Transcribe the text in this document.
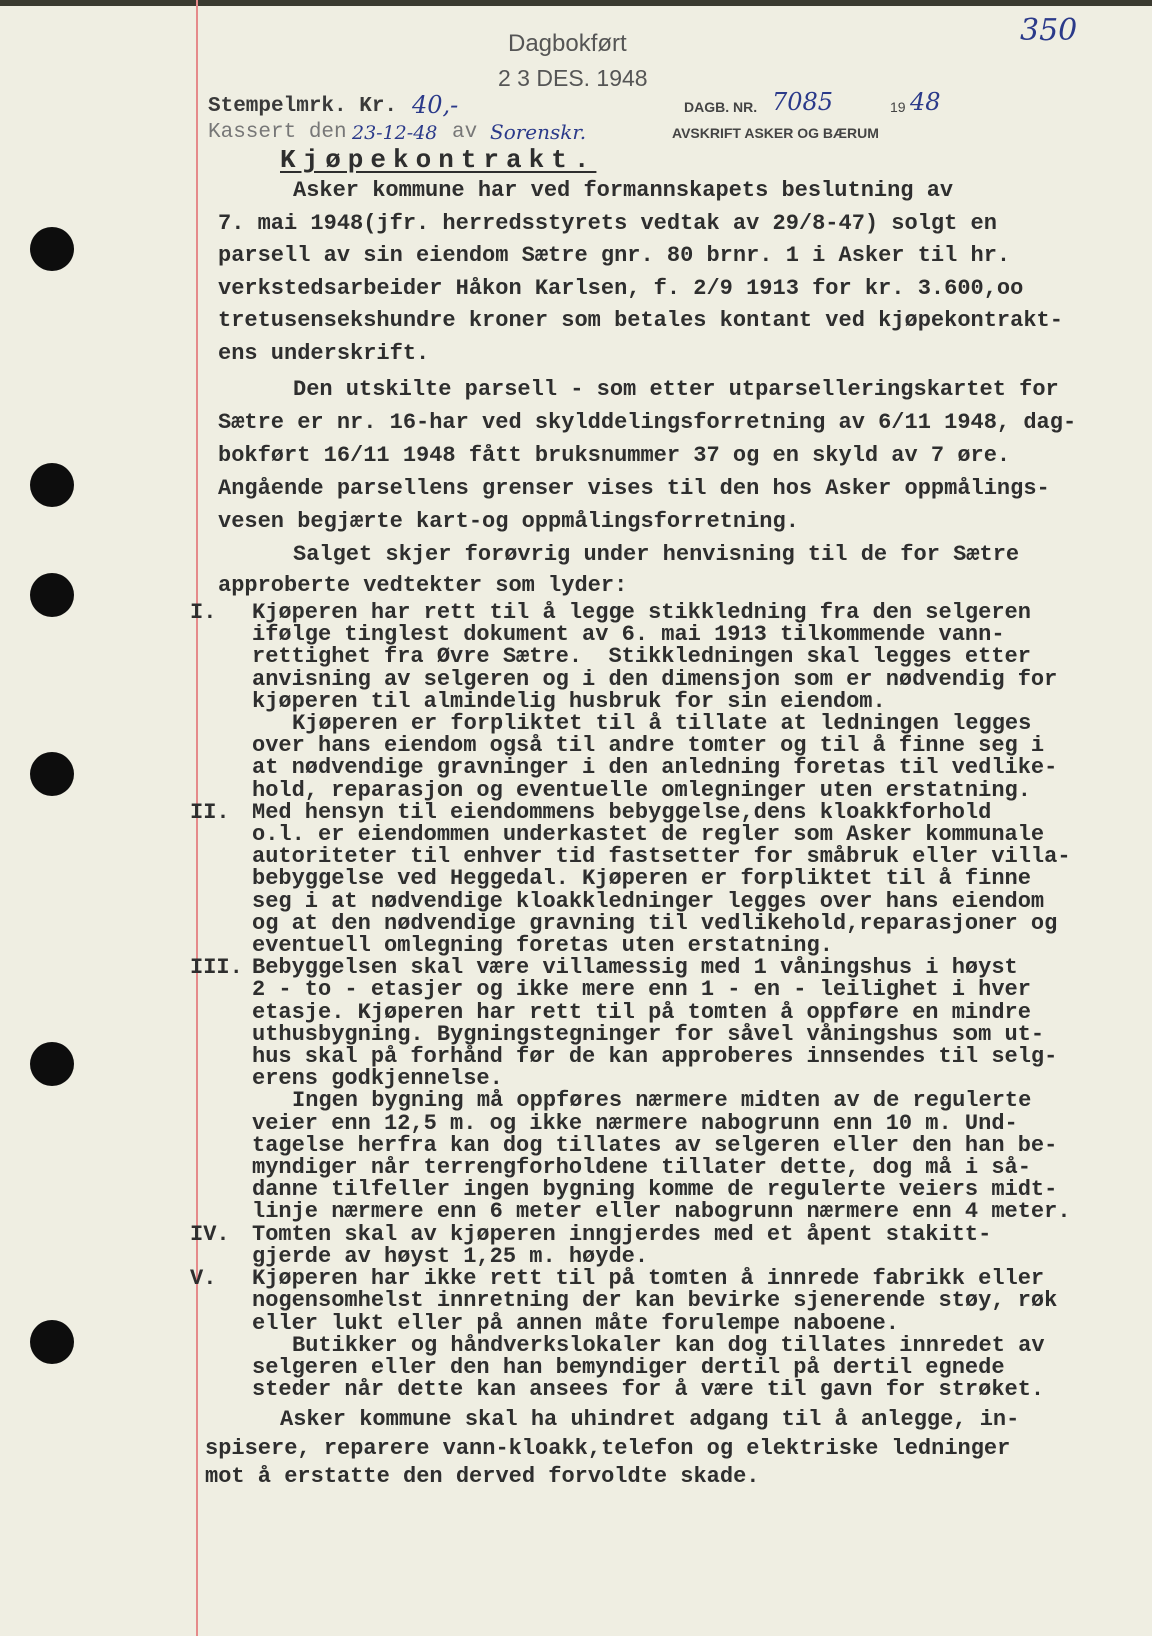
350
Dagbokført
2 3 DES. 1948
Stempelmrk. Kr. 40,-
Kassert den 23-12-48 av Sorenskr.
DAGB. NR. 7085	19 48
AVSKRIFT ASKER OG BÆRUM
Kjøpekontrakt.
Asker kommune har ved formannskapets beslutning av
7. mai 1948(jfr. herredsstyrets vedtak av 29/8-47) solgt en
parsell av sin eiendom Sætre gnr. 80 brnr. 1 i Asker til hr.
verkstedsarbeider Håkon Karlsen, f. 2/9 1913 for kr. 3.600,oo
tretusensekshundre kroner som betales kontant ved kjøpekontrakt-
ens underskrift.
Den utskilte parsell - som etter utparselleringskartet for
Sætre er nr. 16-har ved skylddelingsforretning av 6/11 1948, dag-
bokført 16/11 1948 fått bruksnummer 37 og en skyld av 7 øre.
Angående parsellens grenser vises til den hos Asker oppmålings-
vesen begjærte kart-og oppmålingsforretning.
Salget skjer forøvrig under henvisning til de for Sætre
approberte vedtekter som lyder:
I. Kjøperen har rett til å legge stikkledning fra den selgeren
ifølge tinglest dokument av 6. mai 1913 tilkommende vann-
rettighet fra Øvre Sætre.  Stikkledningen skal legges etter
anvisning av selgeren og i den dimensjon som er nødvendig for
kjøperen til almindelig husbruk for sin eiendom.
Kjøperen er forpliktet til å tillate at ledningen legges
over hans eiendom også til andre tomter og til å finne seg i
at nødvendige gravninger i den anledning foretas til vedlike-
hold, reparasjon og eventuelle omlegninger uten erstatning.
II. Med hensyn til eiendommens bebyggelse,dens kloakkforhold
o.l. er eiendommen underkastet de regler som Asker kommunale
autoriteter til enhver tid fastsetter for småbruk eller villa-
bebyggelse ved Heggedal. Kjøperen er forpliktet til å finne
seg i at nødvendige kloakkledninger legges over hans eiendom
og at den nødvendige gravning til vedlikehold,reparasjoner og
eventuell omlegning foretas uten erstatning.
III. Bebyggelsen skal være villamessig med 1 våningshus i høyst
2 - to - etasjer og ikke mere enn 1 - en - leilighet i hver
etasje. Kjøperen har rett til på tomten å oppføre en mindre
uthusbygning. Bygningstegninger for såvel våningshus som ut-
hus skal på forhånd før de kan approberes innsendes til selg-
erens godkjennelse.
Ingen bygning må oppføres nærmere midten av de regulerte
veier enn 12,5 m. og ikke nærmere nabogrunn enn 10 m. Und-
tagelse herfra kan dog tillates av selgeren eller den han be-
myndiger når terrengforholdene tillater dette, dog må i så-
danne tilfeller ingen bygning komme de regulerte veiers midt-
linje nærmere enn 6 meter eller nabogrunn nærmere enn 4 meter.
IV. Tomten skal av kjøperen inngjerdes med et åpent stakitt-
gjerde av høyst 1,25 m. høyde.
V. Kjøperen har ikke rett til på tomten å innrede fabrikk eller
nogensomhelst innretning der kan bevirke sjenerende støy, røk
eller lukt eller på annen måte forulempe naboene.
Butikker og håndverkslokaler kan dog tillates innredet av
selgeren eller den han bemyndiger dertil på dertil egnede
steder når dette kan ansees for å være til gavn for strøket.
Asker kommune skal ha uhindret adgang til å anlegge, in-
spisere, reparere vann-kloakk,telefon og elektriske ledninger
mot å erstatte den derved forvoldte skade.
